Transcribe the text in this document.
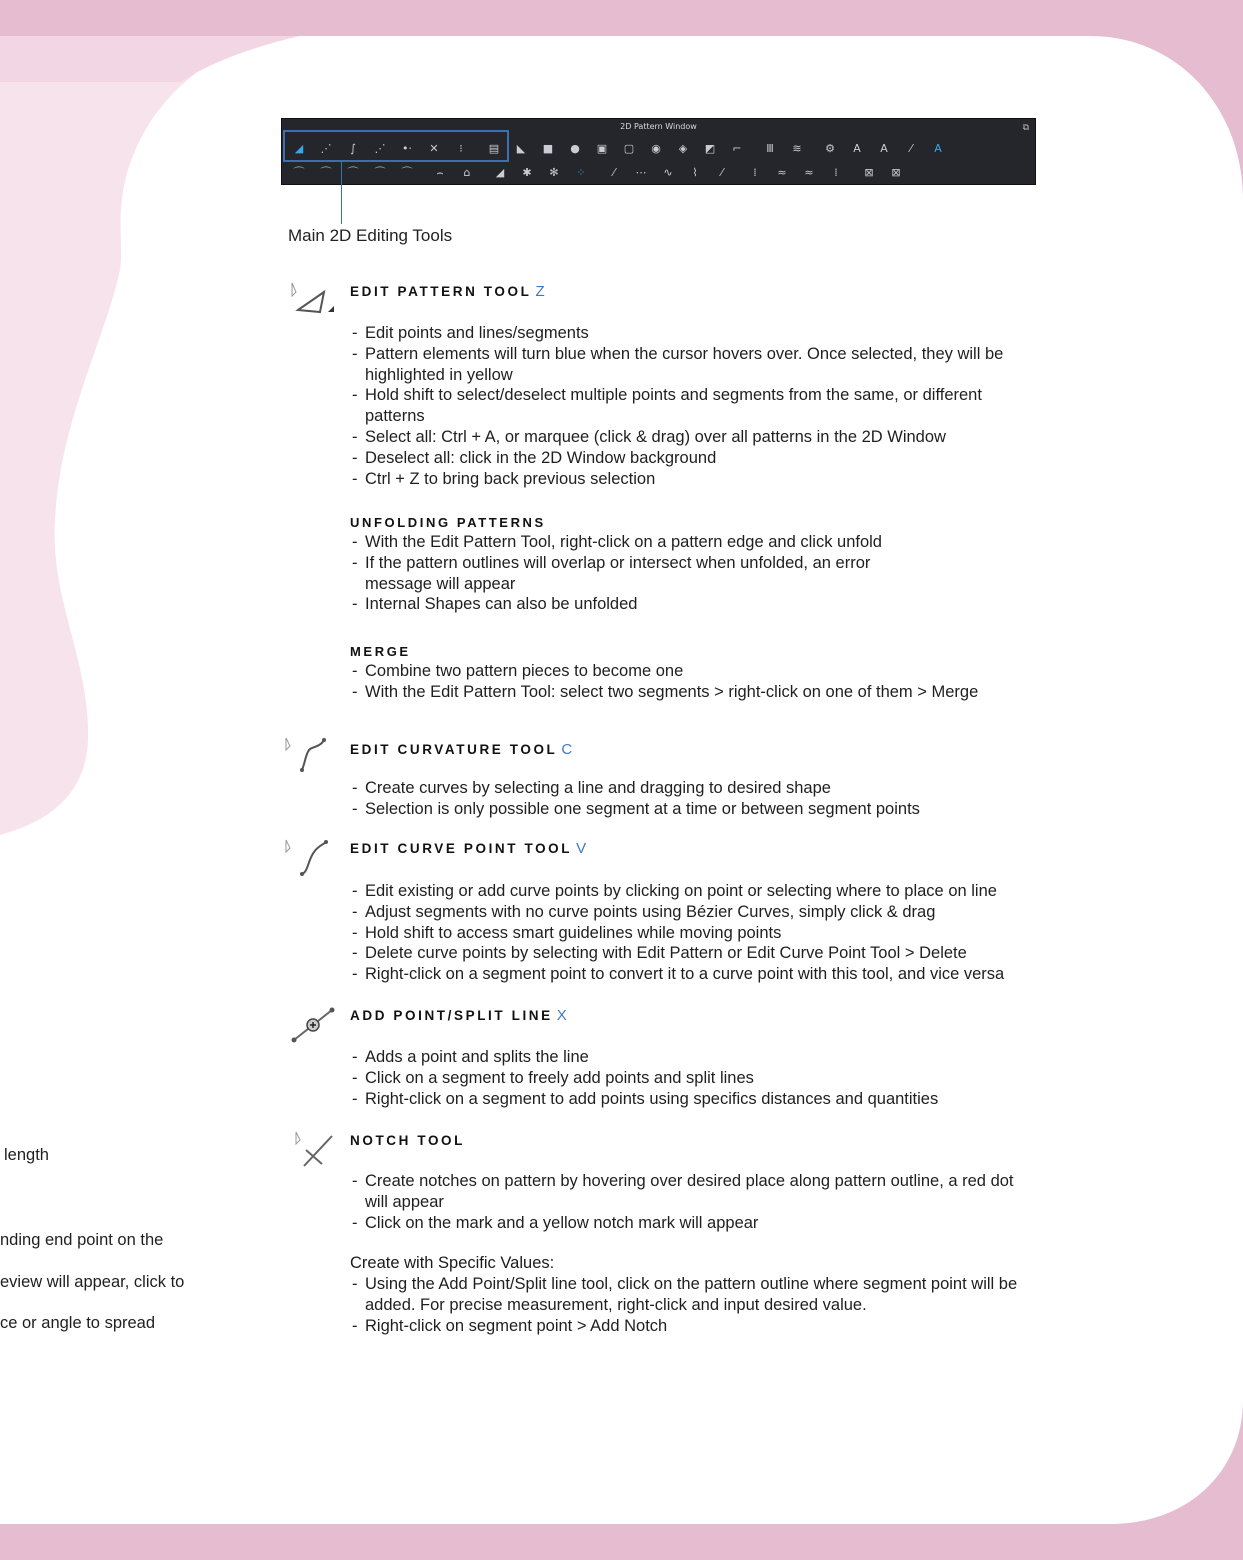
2D Pattern Window	⧉
◢	⋰	∫	⋰	•⋅	✕	⁝	▤	◣	■	●	▣	▢	◉	◈	◩	⌐	Ⅲ	≋	⚙	A	A	⁄	A
⌒	⌒	⌒	⌒	⌒	⌢	⌂	◢	✱	✻	⁘	⁄	⋯	∿	⌇	⁄	⁞	≈	≈	⁞	⊠	⊠
Main 2D Editing Tools

EDIT PATTERN TOOL Z

- Edit points and lines/segments
- Pattern elements will turn blue when the cursor hovers over. Once selected, they will be highlighted in yellow
- Hold shift to select/deselect multiple points and segments from the same, or different patterns
- Select all: Ctrl + A, or marquee (click & drag) over all patterns in the 2D Window
- Deselect all: click in the 2D Window background
- Ctrl + Z to bring back previous selection

UNFOLDING PATTERNS

- With the Edit Pattern Tool, right-click on a pattern edge and click unfold
- If the pattern outlines will overlap or intersect when unfolded, an error message will appear
- Internal Shapes can also be unfolded

MERGE

- Combine two pattern pieces to become one
- With the Edit Pattern Tool: select two segments > right-click on one of them > Merge

EDIT CURVATURE TOOL C

- Create curves by selecting a line and dragging to desired shape
- Selection is only possible one segment at a time or between segment points

EDIT CURVE POINT TOOL V

- Edit existing or add curve points by clicking on point or selecting where to place on line
- Adjust segments with no curve points using Bézier Curves, simply click & drag
- Hold shift to access smart guidelines while moving points
- Delete curve points by selecting with Edit Pattern or Edit Curve Point Tool > Delete
- Right-click on a segment point to convert it to a curve point with this tool, and vice versa

ADD POINT/SPLIT LINE X

- Adds a point and splits the line
- Click on a segment to freely add points and split lines
- Right-click on a segment to add points using specifics distances and quantities

NOTCH TOOL

- Create notches on pattern by hovering over desired place along pattern outline, a red dot will appear
- Click on the mark and a yellow notch mark will appear

Create with Specific Values:

- Using the Add Point/Split line tool, click on the pattern outline where segment point will be added. For precise measurement, right-click and input desired value.
- Right-click on segment point > Add Notch
length
nding end point on the
eview will appear, click to
ce or angle to spread
